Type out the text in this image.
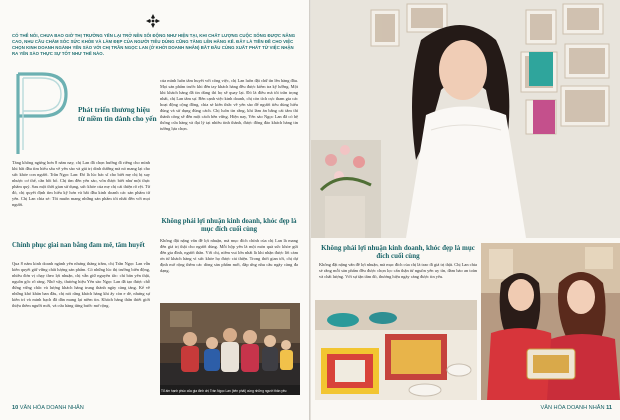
CÓ THỂ NÓI, CHƯA BAO GIỜ THỊ TRƯỜNG YẾN LẠI TRỞ NÊN SÔI ĐỘNG NHƯ HIỆN TẠI, KHI CHẤT LƯỢNG CUỘC SỐNG ĐƯỢC NÂNG CAO, NHU CẦU CHĂM SÓC SỨC KHỎE VÀ LÀM ĐẸP CỦA NGƯỜI TIÊU DÙNG CŨNG TĂNG LÊN HẰNG KẾ. ĐÂY LÀ TIỀN ĐỀ CHO VIỆC CHỌN KINH DOANH NGÀNH YẾN SÀO VỚI CHỊ TRẦN NGỌC LAN (Ở KHỞI DOANH NHÂN) BẮT ĐẦU CÙNG XUẤT PHÁT TỪ VIỆC NHẬN RA YẾN SÀO THỰC SỰ TỐT NHƯ THẾ NÀO.

P
Phát triển thương hiệu từ niềm tin dành cho yến

Tăng không ngừng hơn 8 năm nay, chị Lan đã chọn hướng đi riêng cho mình khi bắt đầu tìm hiểu sâu về yến sào và giá trị dinh dưỡng mà nó mang lại cho sức khỏe con người. Trần Ngọc Lan: Đó là lúc bác sĩ cho biết mẹ chị bị suy nhược cơ thể, cần bồi bổ. Chị tìm đến yến sào, vốn được biết như một thực phẩm quý. Sau một thời gian sử dụng, sức khỏe của mẹ chị cải thiện rõ rệt. Từ đó, chị quyết định tìm hiểu kỹ hơn và bắt đầu kinh doanh các sản phẩm từ yến. Chị Lan chia sẻ: Tôi muốn mang những sản phẩm tốt nhất đến với mọi người.

Chinh phục giai nan bằng đam mê, tâm huyết

Qua 8 năm kinh doanh ngành yến nhưng thăng trầm, chị Trần Ngọc Lan vẫn kiên quyết giữ vững chất lượng sản phẩm. Có những lúc thị trường biến động, nhiều đơn vị chạy theo lợi nhuận, chị vẫn giữ nguyên tắc: chỉ bán yến thật, nguồn gốc rõ ràng. Nhờ vậy, thương hiệu Yến sào Ngọc Lan đã tạo được chỗ đứng vững chắc và lượng khách hàng trung thành ngày càng tăng. Kể về những khó khăn ban đầu, chị nói rằng khách hàng khi ấy còn e dè, nhưng sự kiên trì và minh bạch đã dần mang lại niềm tin. Khách hàng thân thiết giới thiệu thêm người mới, và cửa hàng từng bước mở rộng.

của mình luôn tâm huyết với công việc, chị Lan luôn đặt chữ tín lên hàng đầu. Mọi sản phẩm trước khi đến tay khách hàng đều được kiểm tra kỹ lưỡng. Một khi khách hàng đã tin dùng thì họ sẽ quay lại. Đó là điều mà tôi trân trọng nhất, chị Lan tâm sự. Bên cạnh việc kinh doanh, chị còn tích cực tham gia các hoạt động cộng đồng, chia sẻ kiến thức về yến sào để người tiêu dùng hiểu đúng và sử dụng đúng cách. Chị luôn tin rằng, khi làm ăn bằng cái tâm thì thành công sẽ đến một cách bền vững. Hiện nay, Yến sào Ngọc Lan đã có hệ thống cửa hàng và đại lý tại nhiều tỉnh thành, được đông đảo khách hàng tin tưởng lựa chọn.

Không phải lợi nhuận kinh doanh, khóc đẹp là mục đích cuối cùng

Không đặt nặng vấn đề lợi nhuận, mà mục đích chính của chị Lan là mang đến giá trị thật cho người dùng. Mỗi hộp yến là một món quà sức khỏe gửi đến gia đình, người thân. Với chị, niềm vui lớn nhất là khi nhận được lời cảm ơn từ khách hàng vì sức khỏe họ được cải thiện. Trong thời gian tới, chị dự định mở rộng thêm các dòng sản phẩm mới, đáp ứng nhu cầu ngày càng đa dạng.

Tổ ấm hạnh phúc của gia đình chị Trần Ngọc Lan (bên phải) cùng những người thân yêu
10 VĂN HÓA DOANH NHÂN
Không phải lợi nhuận kinh doanh, khóc đẹp là mục đích cuối cùng

Không đặt nặng vấn đề lợi nhuận, mà mục đích của chị là trao đi giá trị thật. Chị Lan chia sẻ rằng mỗi sản phẩm đều được chọn lọc cẩn thận từ nguồn yến uy tín, đảm bảo an toàn và chất lượng. Với sự tận tâm đó, thương hiệu ngày càng được tin yêu.

VĂN HÓA DOANH NHÂN 11
